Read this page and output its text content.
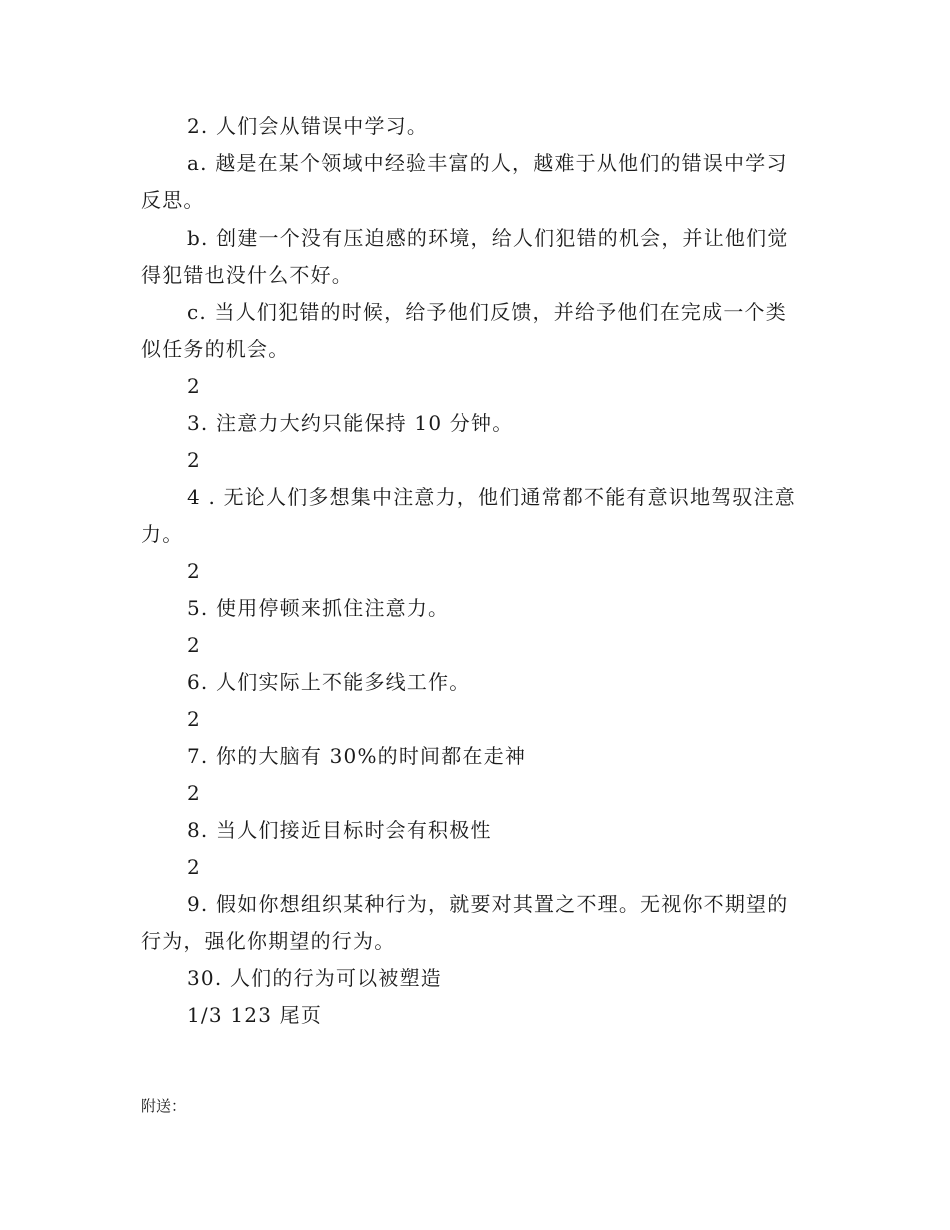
2. 人们会从错误中学习。
a. 越是在某个领域中经验丰富的人，越难于从他们的错误中学习
反思。
b. 创建一个没有压迫感的环境，给人们犯错的机会，并让他们觉
得犯错也没什么不好。
c. 当人们犯错的时候，给予他们反馈，并给予他们在完成一个类
似任务的机会。
2
3. 注意力大约只能保持 10 分钟。
2
4 . 无论人们多想集中注意力，他们通常都不能有意识地驾驭注意
力。
2
5. 使用停顿来抓住注意力。
2
6. 人们实际上不能多线工作。
2
7. 你的大脑有 30%的时间都在走神
2
8. 当人们接近目标时会有积极性
2
9. 假如你想组织某种行为，就要对其置之不理。无视你不期望的
行为，强化你期望的行为。
30. 人们的行为可以被塑造
1/3 123 尾页
附送：
